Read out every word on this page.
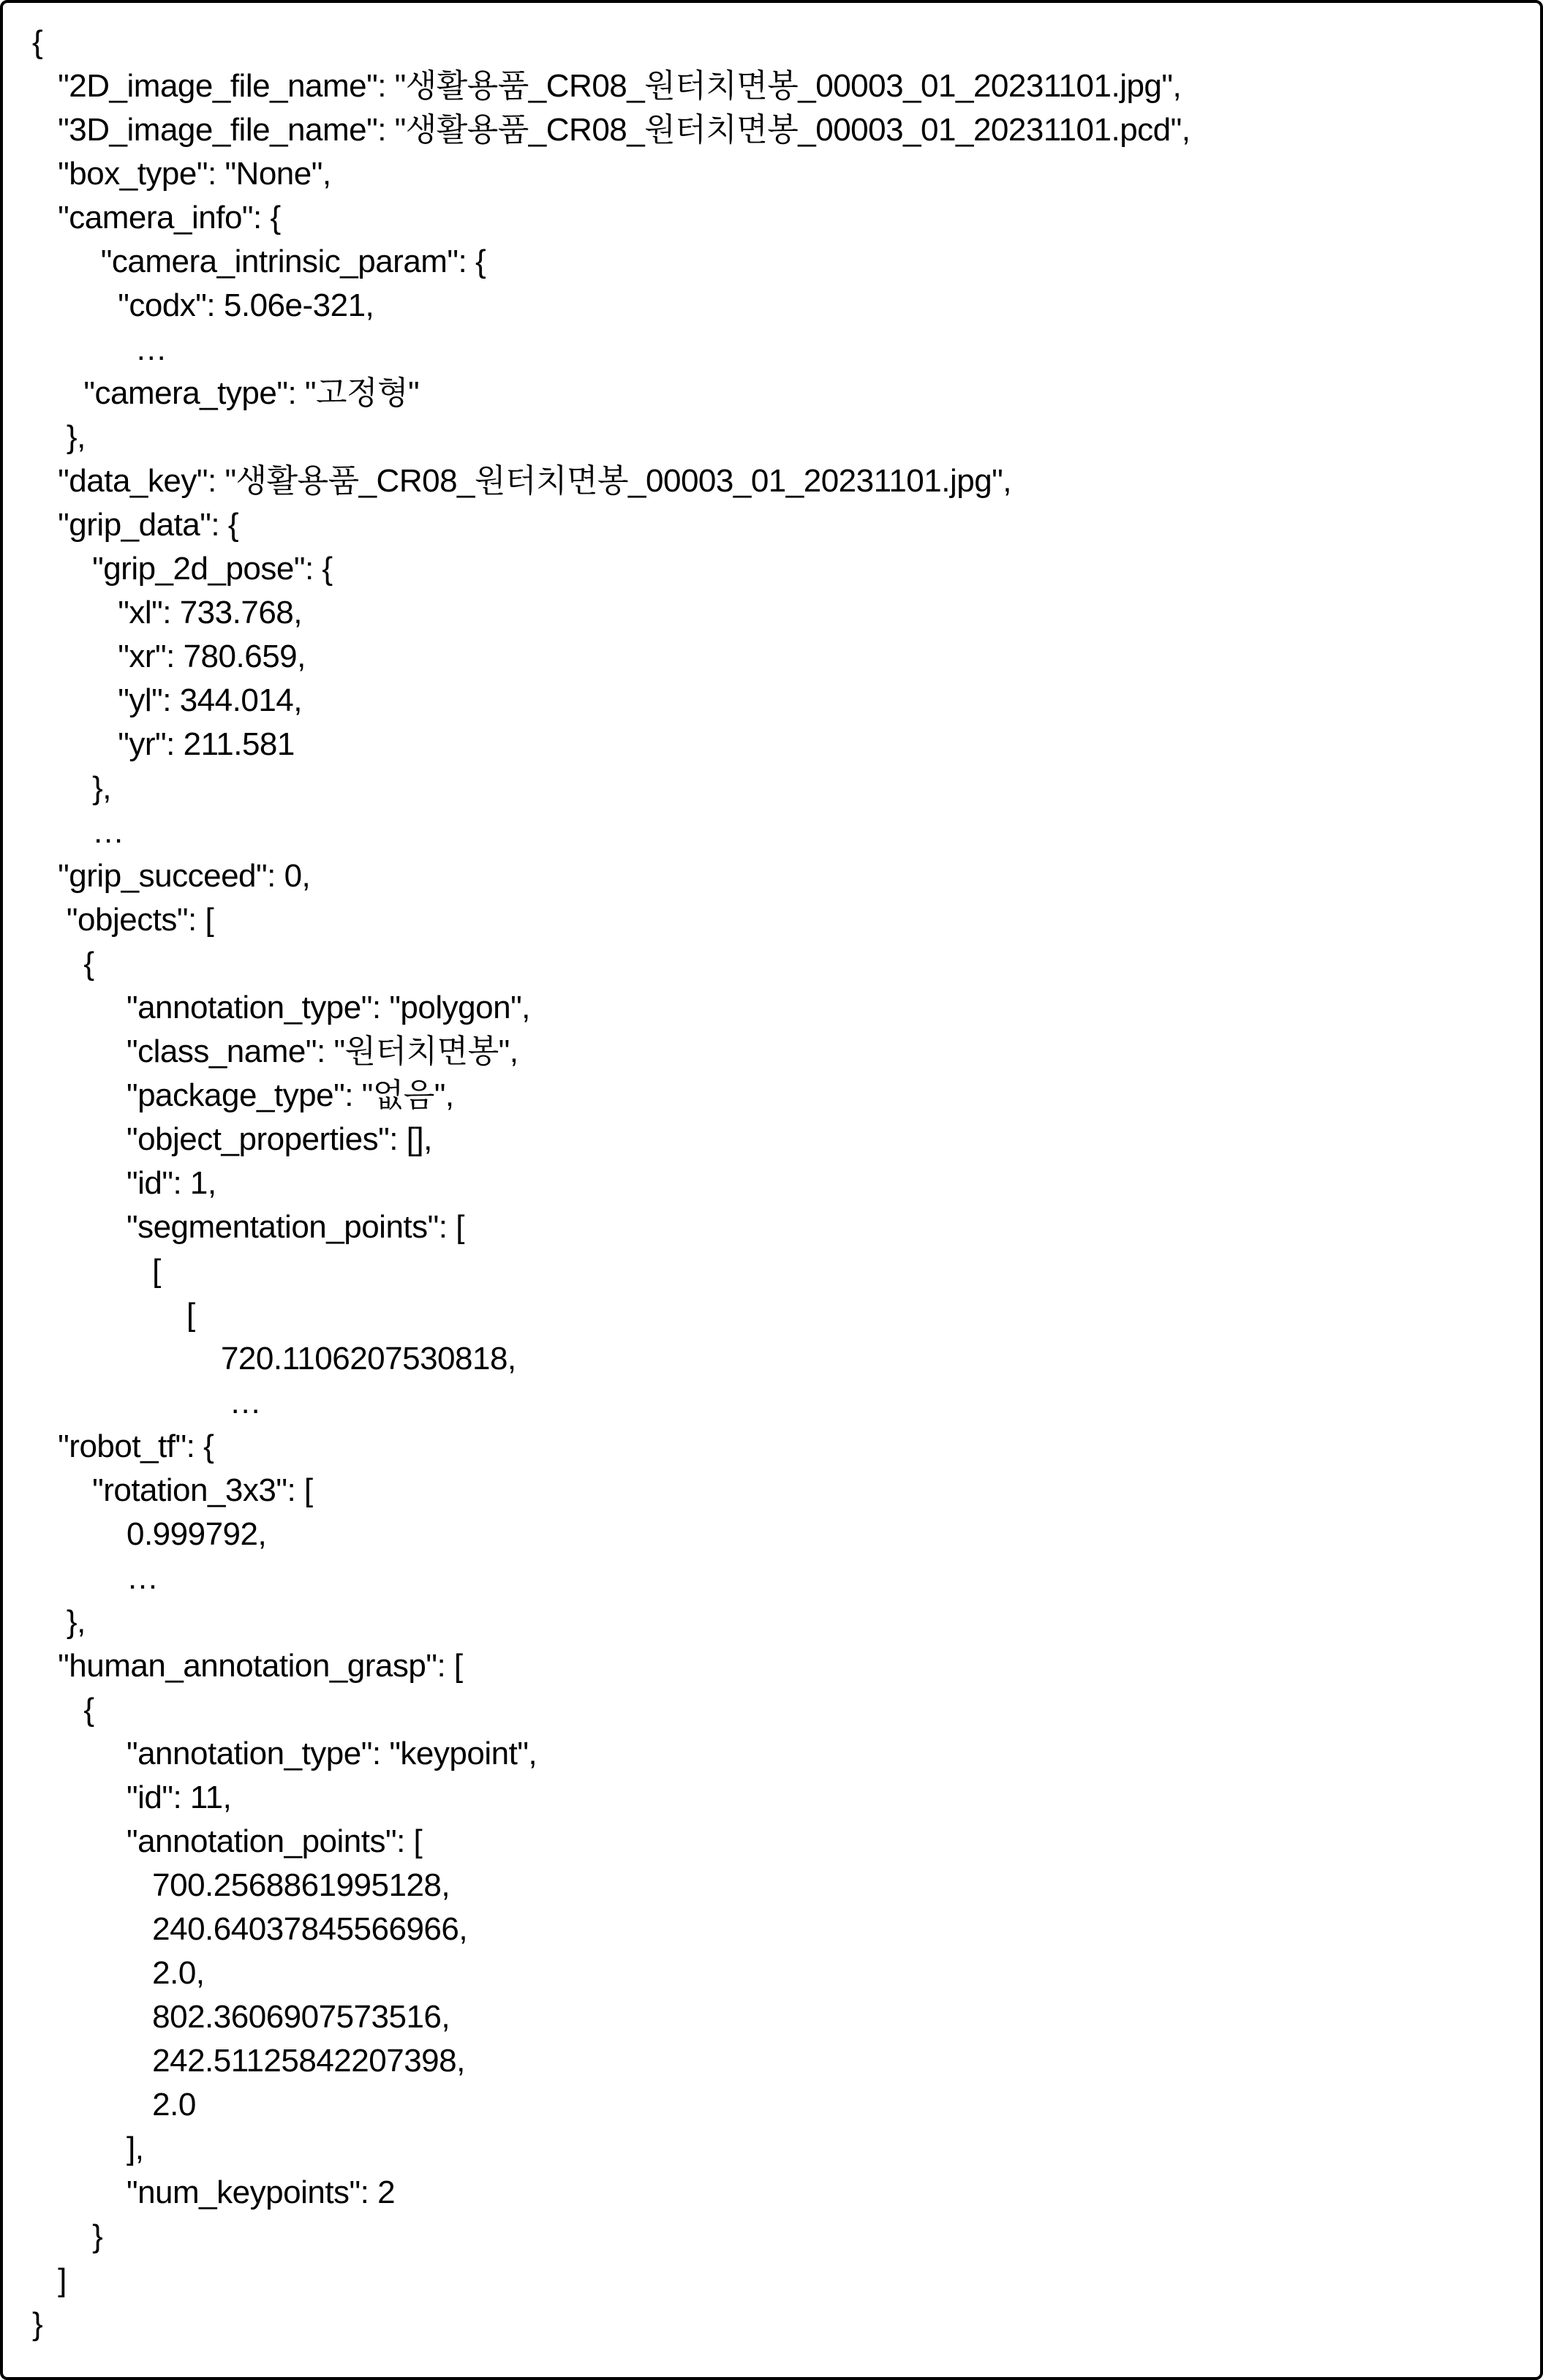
{
"2D_image_file_name": "생활용품_CR08_원터치면봉_00003_01_20231101.jpg",
"3D_image_file_name": "생활용품_CR08_원터치면봉_00003_01_20231101.pcd",
"box_type": "None",
"camera_info": {
"camera_intrinsic_param": {
"codx": 5.06e-321,
…
"camera_type": "고정형"
},
"data_key": "생활용품_CR08_원터치면봉_00003_01_20231101.jpg",
"grip_data": {
"grip_2d_pose": {
"xl": 733.768,
"xr": 780.659,
"yl": 344.014,
"yr": 211.581
},
…
"grip_succeed": 0,
"objects": [
{
"annotation_type": "polygon",
"class_name": "원터치면봉",
"package_type": "없음",
"object_properties": [],
"id": 1,
"segmentation_points": [
[
[
720.1106207530818,
…
"robot_tf": {
"rotation_3x3": [
0.999792,
…
},
"human_annotation_grasp": [
{
"annotation_type": "keypoint",
"id": 11,
"annotation_points": [
700.2568861995128,
240.64037845566966,
2.0,
802.3606907573516,
242.51125842207398,
2.0
],
"num_keypoints": 2
}
]
}
